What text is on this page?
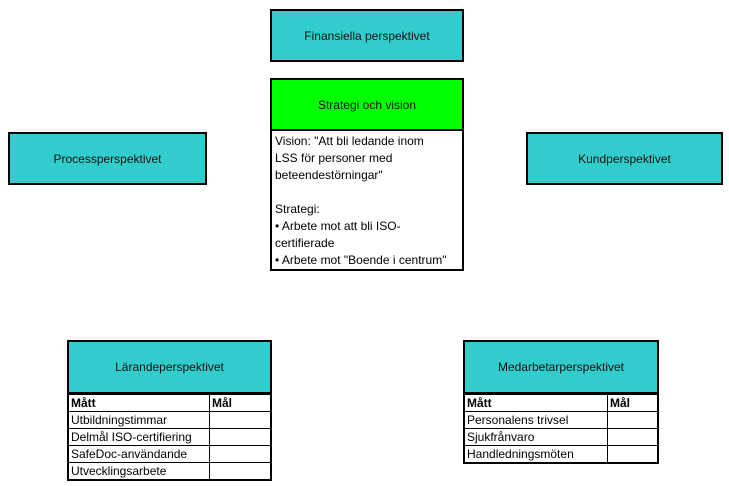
Finansiella perspektivet
Strategi och vision
Vision: "Att bli ledande inom
LSS för personer med
beteendestörningar"
Strategi:
• Arbete mot att bli ISO-
certifierade
• Arbete mot "Boende i centrum"
Processperspektivet	Kundperspektivet
Lärandeperspektivet
Mått	Mål
Utbildningstimmar	
Delmål ISO-certifiering	
SafeDoc-användande	
Utvecklingsarbete	
Medarbetarperspektivet
Mått	Mål
Personalens trivsel	
Sjukfrånvaro	
Handledningsmöten	
